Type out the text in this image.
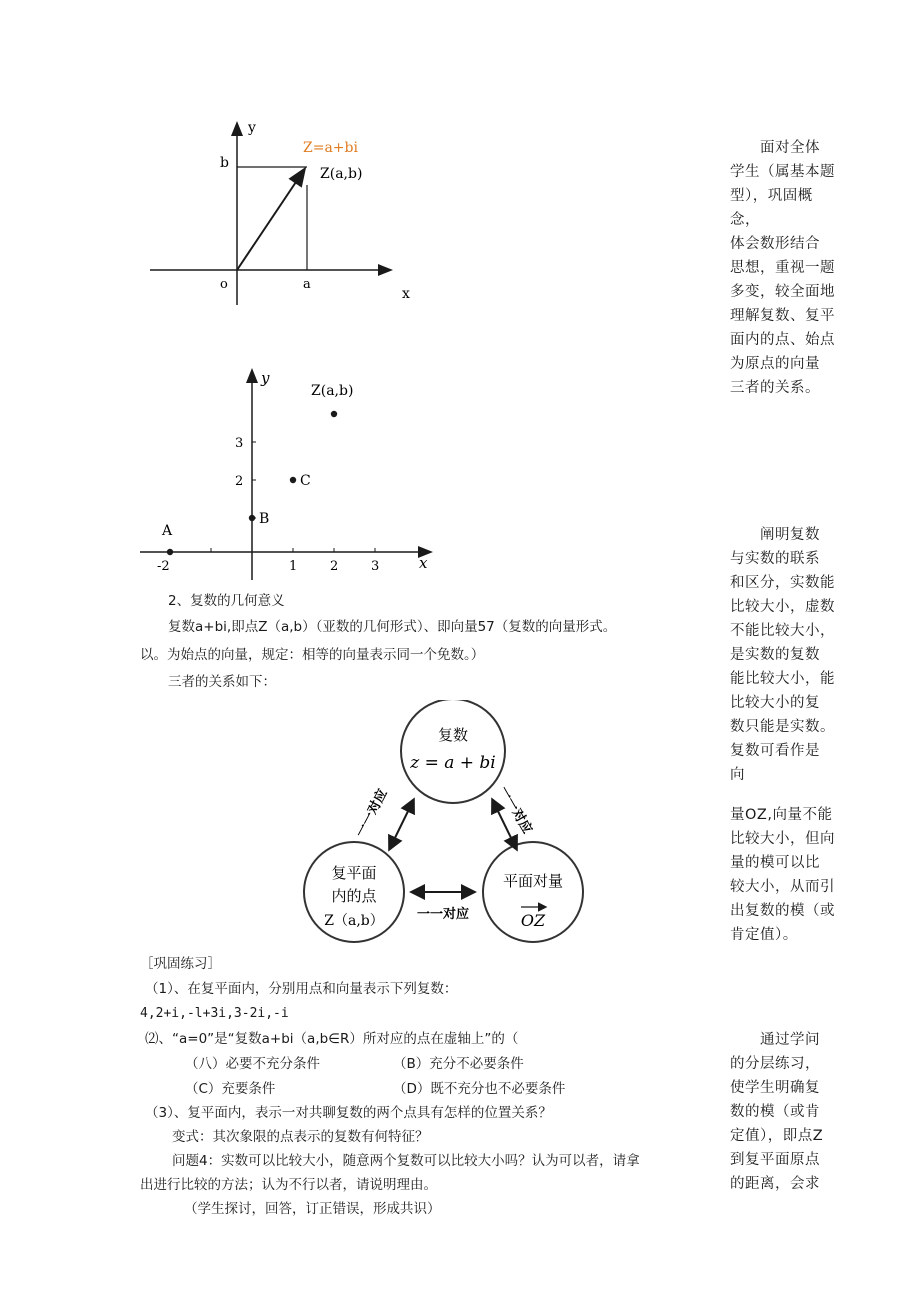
y
x
o
b
a
Z=a+bi
Z(a,b)
y
x
-2	1	2	3
3
2
Z(a,b)
C
B
A

面对全体

学生（属基本题

型），巩固概念，

体会数形结合

思想，重视一题

多变，较全面地

理解复数、复平

面内的点、始点

为原点的向量

三者的关系。

阐明复数

与实数的联系

和区分，实数能

比较大小，虚数

不能比较大小，

是实数的复数

能比较大小，能

比较大小的复

数只能是实数。

复数可看作是

向

量OZ,向量不能

比较大小，但向

量的模可以比

较大小，从而引

出复数的模（或

肯定值）。

通过学问

的分层练习，

使学生明确复

数的模（或肯

定值），即点Z

到复平面原点

的距离，会求

2、复数的几何意义
复数a+bi,即点Z（a,b）（亚数的几何形式）、即向量57（复数的向量形式。
以。为始点的向量，规定：相等的向量表示同一个免数。）
三者的关系如下：
复数
z = a + bi
复平面
内的点
Z（a,b）
平面对量
OZ
一一对应	一一对应
一一对应
［巩固练习］
（1）、在复平面内，分别用点和向量表示下列复数：
4,2+i,-l+3i,3-2i,-i
⑵、“a=0”是“复数a+bi（a,b∈R）所对应的点在虚轴上”的（
（八）必要不充分条件	（B）充分不必要条件
（C）充要条件	（D）既不充分也不必要条件
（3）、复平面内，表示一对共聊复数的两个点具有怎样的位置关系？
变式：其次象限的点表示的复数有何特征？
问题4：实数可以比较大小，随意两个复数可以比较大小吗？认为可以者，请拿
出进行比较的方法；认为不行以者，请说明理由。
（学生探讨，回答，订正错误，形成共识）
